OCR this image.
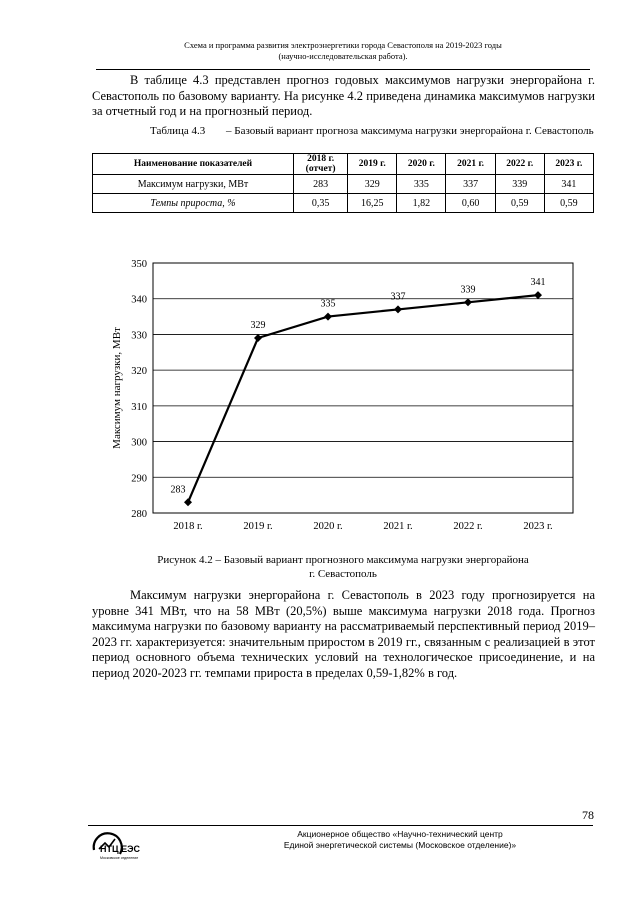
Схема и программа развития электроэнергетики города Севастополя на 2019-2023 годы
(научно-исследовательская работа).
В таблице 4.3 представлен прогноз годовых максимумов нагрузки энергорайона г. Севастополь по базовому варианту. На рисунке 4.2 приведена динамика максимумов нагрузки за отчетный год и на прогнозный период.
Таблица 4.3 – Базовый вариант прогноза максимума нагрузки энергорайона г. Севастополь
Наименование показателей	2018 г.
(отчет)	2019 г.	2020 г.	2021 г.	2022 г.	2023 г.
Максимум нагрузки, МВт	283	329	335	337	339	341
Темпы прироста, %	0,35	16,25	1,82	0,60	0,59	0,59
280
290
300
310
320
330
340
350
2018 г.	2019 г.	2020 г.	2021 г.	2022 г.	2023 г.
Максимум нагрузки, МВт
283
329
335
337
339
341
Рисунок 4.2 – Базовый вариант прогнозного максимума нагрузки энергорайона
г. Севастополь
Максимум нагрузки энергорайона г. Севастополь в 2023 году прогнозируется на уровне 341 МВт, что на 58 МВт (20,5%) выше максимума нагрузки 2018 года. Прогноз максимума нагрузки по базовому варианту на рассматриваемый перспективный период 2019–2023 гг. характеризуется: значительным приростом в 2019 гг., связанным с реализацией в этот период основного объема технических условий на технологическое присоединение, и на период 2020-2023 гг. темпами прироста в пределах 0,59-1,82% в год.
78
НТЦ ЕЭС
Московское отделение
Акционерное общество «Научно-технический центр
Единой энергетической системы (Московское отделение)»
